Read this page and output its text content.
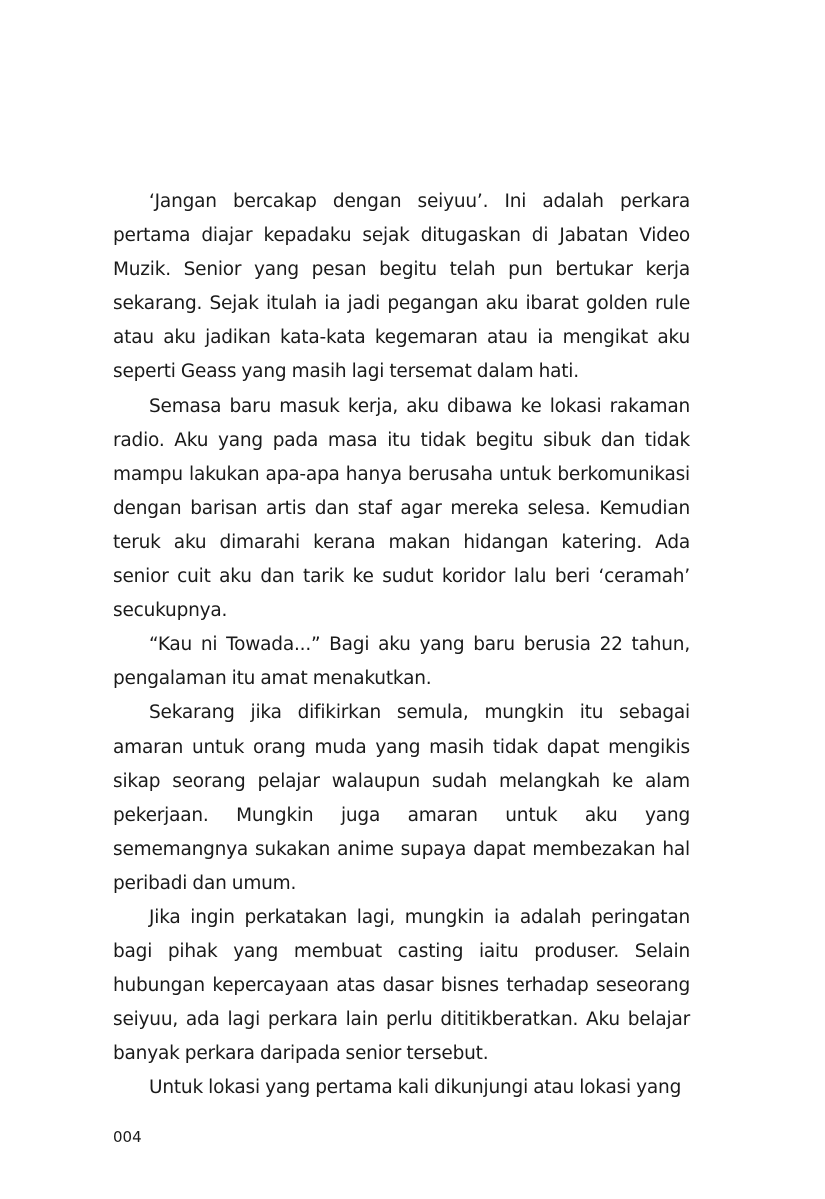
‘Jangan bercakap dengan seiyuu’. Ini adalah perkara pertama diajar kepadaku sejak ditugaskan di Jabatan Video Muzik. Senior yang pesan begitu telah pun bertukar kerja sekarang. Sejak itulah ia jadi pegangan aku ibarat golden rule atau aku jadikan kata-kata kegemaran atau ia mengikat aku seperti Geass yang masih lagi tersemat dalam hati.

Semasa baru masuk kerja, aku dibawa ke lokasi rakaman radio. Aku yang pada masa itu tidak begitu sibuk dan tidak mampu lakukan apa-apa hanya berusaha untuk berkomunikasi dengan barisan artis dan staf agar mereka selesa. Kemudian teruk aku dimarahi kerana makan hidangan katering. Ada senior cuit aku dan tarik ke sudut koridor lalu beri ‘ceramah’ secukupnya.

“Kau ni Towada...” Bagi aku yang baru berusia 22 tahun, pengalaman itu amat menakutkan.

Sekarang jika difikirkan semula, mungkin itu sebagai amaran untuk orang muda yang masih tidak dapat mengikis sikap seorang pelajar walaupun sudah melangkah ke alam pekerjaan. Mungkin juga amaran untuk aku yang sememangnya sukakan anime supaya dapat membezakan hal peribadi dan umum.

Jika ingin perkatakan lagi, mungkin ia adalah peringatan bagi pihak yang membuat casting iaitu produser. Selain hubungan kepercayaan atas dasar bisnes terhadap seseorang seiyuu, ada lagi perkara lain perlu dititikberatkan. Aku belajar banyak perkara daripada senior tersebut.

Untuk lokasi yang pertama kali dikunjungi atau lokasi yang

004
